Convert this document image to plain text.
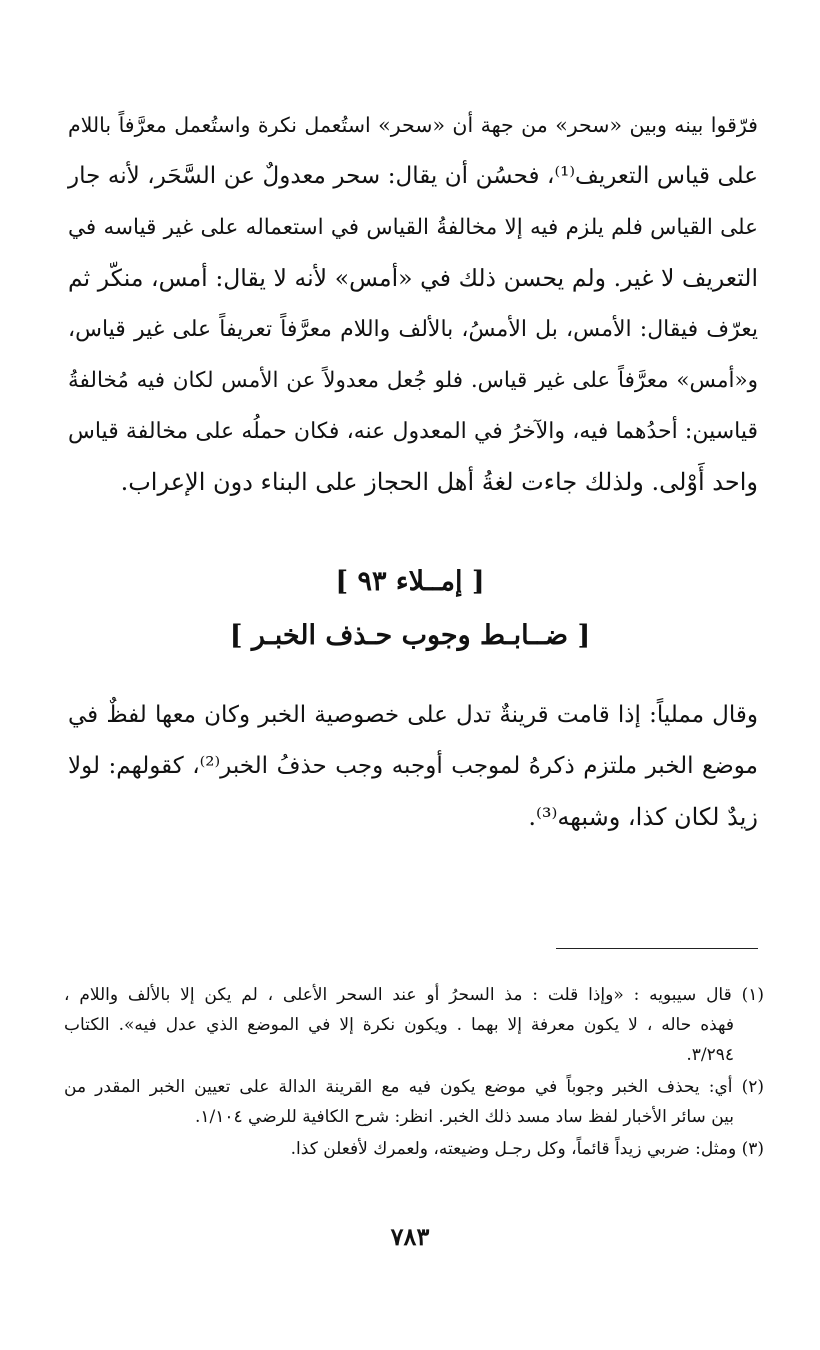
فرّقوا بينه وبين «سحر» من جهة أن «سحر» استُعمل نكرة واستُعمل معرَّفاً باللام
على قياس التعريف⁽¹⁾، فحسُن أن يقال: سحر معدولٌ عن السَّحَر، لأنه جار
على القياس فلم يلزم فيه إلا مخالفةُ القياس في استعماله على غير قياسه في
التعريف لا غير. ولم يحسن ذلك في «أمس» لأنه لا يقال: أمس، منكّر ثم
يعرّف فيقال: الأمس، بل الأمسُ، بالألف واللام معرَّفاً تعريفاً على غير قياس،
و«أمس» معرَّفاً على غير قياس. فلو جُعل معدولاً عن الأمس لكان فيه مُخالفةُ
قياسين: أحدُهما فيه، والآخرُ في المعدول عنه، فكان حملُه على مخالفة قياس
واحد أَوْلى. ولذلك جاءت لغةُ أهل الحجاز على البناء دون الإعراب.
[ إمــلاء ٩٣ ]
[ ضــابـط وجوب حـذف الخبـر ]
وقال مملياً: إذا قامت قرينةٌ تدل على خصوصية الخبر وكان معها لفظٌ في
موضع الخبر ملتزم ذكرهُ لموجب أوجبه وجب حذفُ الخبر⁽²⁾، كقولهم: لولا
زيدٌ لكان كذا، وشبهه⁽³⁾.
(١) قال سيبويه : «وإذا قلت : مذ السحرُ أو عند السحر الأعلى ، لم يكن إلا بالألف واللام ،
فهذه حاله ، لا يكون معرفة إلا بهما . ويكون نكرة إلا في الموضع الذي عدل فيه». الكتاب
٣/٢٩٤.
(٢) أي: يحذف الخبر وجوباً في موضع يكون فيه مع القرينة الدالة على تعيين الخبر المقدر من
بين سائر الأخبار لفظ ساد مسد ذلك الخبر. انظر: شرح الكافية للرضي ١/١٠٤.
(٣) ومثل: ضربي زيداً قائماً، وكل رجـل وضيعته، ولعمرك لأفعلن كذا.
٧٨٣
